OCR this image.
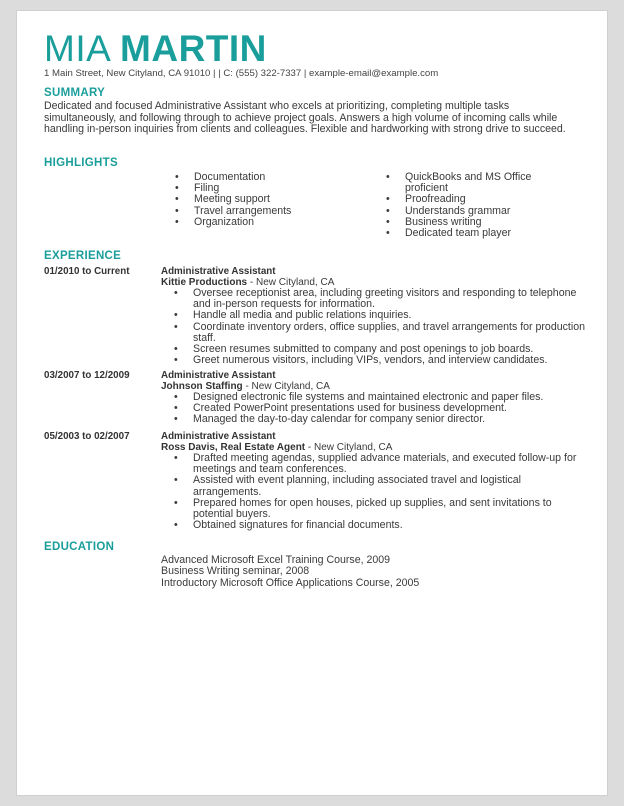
MIA MARTIN
1 Main Street, New Cityland, CA 91010 | | C: (555) 322-7337 | example-email@example.com
SUMMARY
Dedicated and focused Administrative Assistant who excels at prioritizing, completing multiple tasks simultaneously, and following through to achieve project goals. Answers a high volume of incoming calls while handling in-person inquiries from clients and colleagues. Flexible and hardworking with strong drive to succeed.
HIGHLIGHTS
• Documentation
• Filing
• Meeting support
• Travel arrangements
• Organization
• QuickBooks and MS Office proficient
• Proofreading
• Understands grammar
• Business writing
• Dedicated team player
EXPERIENCE
01/2010 to Current	Administrative Assistant
Kittie Productions - New Cityland, CA
• Oversee receptionist area, including greeting visitors and responding to telephone and in-person requests for information.
• Handle all media and public relations inquiries.
• Coordinate inventory orders, office supplies, and travel arrangements for production staff.
• Screen resumes submitted to company and post openings to job boards.
• Greet numerous visitors, including VIPs, vendors, and interview candidates.
03/2007 to 12/2009	Administrative Assistant
Johnson Staffing - New Cityland, CA
• Designed electronic file systems and maintained electronic and paper files.
• Created PowerPoint presentations used for business development.
• Managed the day-to-day calendar for company senior director.
05/2003 to 02/2007	Administrative Assistant
Ross Davis, Real Estate Agent - New Cityland, CA
• Drafted meeting agendas, supplied advance materials, and executed follow-up for meetings and team conferences.
• Assisted with event planning, including associated travel and logistical arrangements.
• Prepared homes for open houses, picked up supplies, and sent invitations to potential buyers.
• Obtained signatures for financial documents.
EDUCATION
Advanced Microsoft Excel Training Course, 2009
Business Writing seminar, 2008
Introductory Microsoft Office Applications Course, 2005
